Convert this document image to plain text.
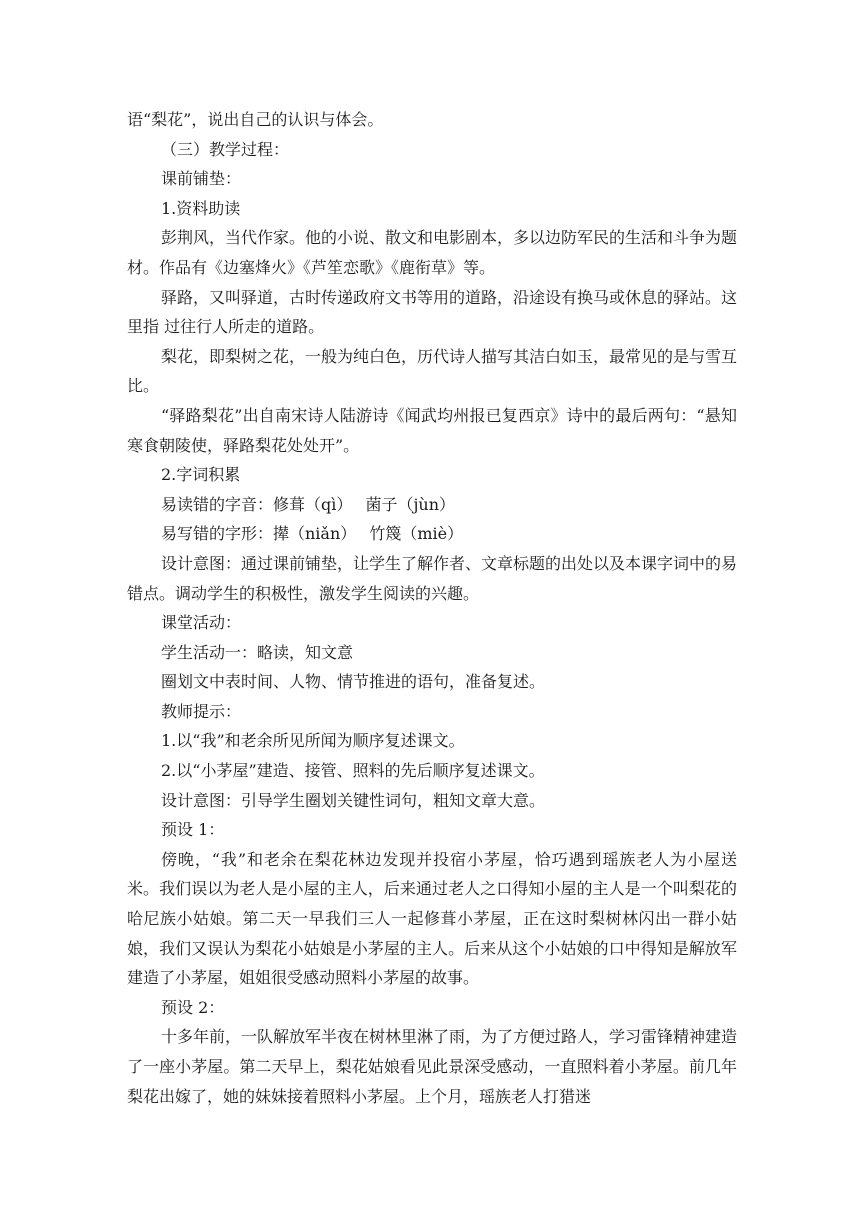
语“梨花”，说出自己的认识与体会。

（三）教学过程：

课前铺垫：

1.资料助读

彭荆风，当代作家。他的小说、散文和电影剧本，多以边防军民的生活和斗争为题材。作品有《边塞烽火》《芦笙恋歌》《鹿衔草》等。

驿路，又叫驿道，古时传递政府文书等用的道路，沿途设有换马或休息的驿站。这里指 过往行人所走的道路。

梨花，即梨树之花，一般为纯白色，历代诗人描写其洁白如玉，最常见的是与雪互比。

“驿路梨花”出自南宋诗人陆游诗《闻武均州报已复西京》诗中的最后两句：“悬知寒食朝陵使，驿路梨花处处开”。

2.字词积累

易读错的字音：修葺（qì）　 菌子（jùn）

易写错的字形：撵（niǎn）　 竹篾（miè）

设计意图：通过课前铺垫，让学生了解作者、文章标题的出处以及本课字词中的易错点。调动学生的积极性，激发学生阅读的兴趣。

课堂活动：

学生活动一：略读，知文意

圈划文中表时间、人物、情节推进的语句，准备复述。

教师提示：

1.以“我”和老余所见所闻为顺序复述课文。

2.以“小茅屋”建造、接管、照料的先后顺序复述课文。

设计意图：引导学生圈划关键性词句，粗知文章大意。

预设 1：

傍晚，“我”和老余在梨花林边发现并投宿小茅屋，恰巧遇到瑶族老人为小屋送米。我们误以为老人是小屋的主人，后来通过老人之口得知小屋的主人是一个叫梨花的哈尼族小姑娘。第二天一早我们三人一起修葺小茅屋，正在这时梨树林闪出一群小姑娘，我们又误认为梨花小姑娘是小茅屋的主人。后来从这个小姑娘的口中得知是解放军建造了小茅屋，姐姐很受感动照料小茅屋的故事。

预设 2：

十多年前，一队解放军半夜在树林里淋了雨，为了方便过路人，学习雷锋精神建造了一座小茅屋。第二天早上，梨花姑娘看见此景深受感动，一直照料着小茅屋。前几年梨花出嫁了，她的妹妹接着照料小茅屋。上个月，瑶族老人打猎迷
